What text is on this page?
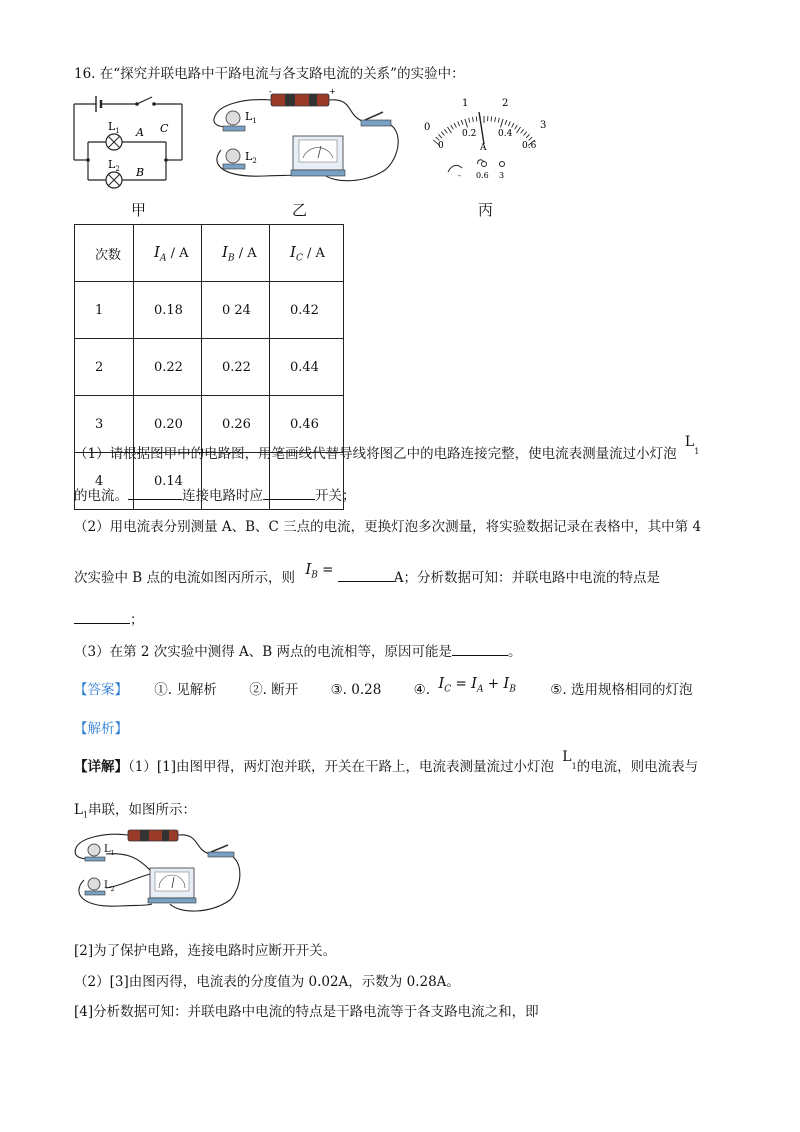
16. 在“探究并联电路中干路电流与各支路电流的关系”的实验中：
$L_1$
$L_2$
A
B
C
甲
-	+
$L_1$
$L_2$
乙
0
1	2
3
0
0.2 0.4
0.6
A
- 0.6 3
丙
次数	$I_A$ / A	$I_B$ / A	$I_C$ / A
1	0.18	0 24	0.42
2	0.22	0.22	0.44
3	0.20	0.26	0.46
4	0.14		
（1）请根据图甲中的电路图，用笔画线代替导线将图乙中的电路连接完整，使电流表测量流过小灯泡 $L_1$
的电流。	连接电路时应	开关；
（2）用电流表分别测量 A、B、C 三点的电流，更换灯泡多次测量，将实验数据记录在表格中，其中第 4
次实验中 B 点的电流如图丙所示，则 $I_B$ =	A；分析数据可知：并联电路中电流的特点是
；
（3）在第 2 次实验中测得 A、B 两点的电流相等，原因可能是	。
【答案】 ①. 见解析 ②. 断开 ③. 0.28 ④. $I_C = I_A + I_B$	⑤. 选用规格相同的灯泡
【解析】
【详解】（1）[1]由图甲得，两灯泡并联，开关在干路上，电流表测量流过小灯泡 $L_1$的电流，则电流表与
$L_1$串联，如图所示：
$L_1$
$L_2$
[2]为了保护电路，连接电路时应断开开关。
（2）[3]由图丙得，电流表的分度值为 0.02A，示数为 0.28A。
[4]分析数据可知：并联电路中电流的特点是干路电流等于各支路电流之和，即
